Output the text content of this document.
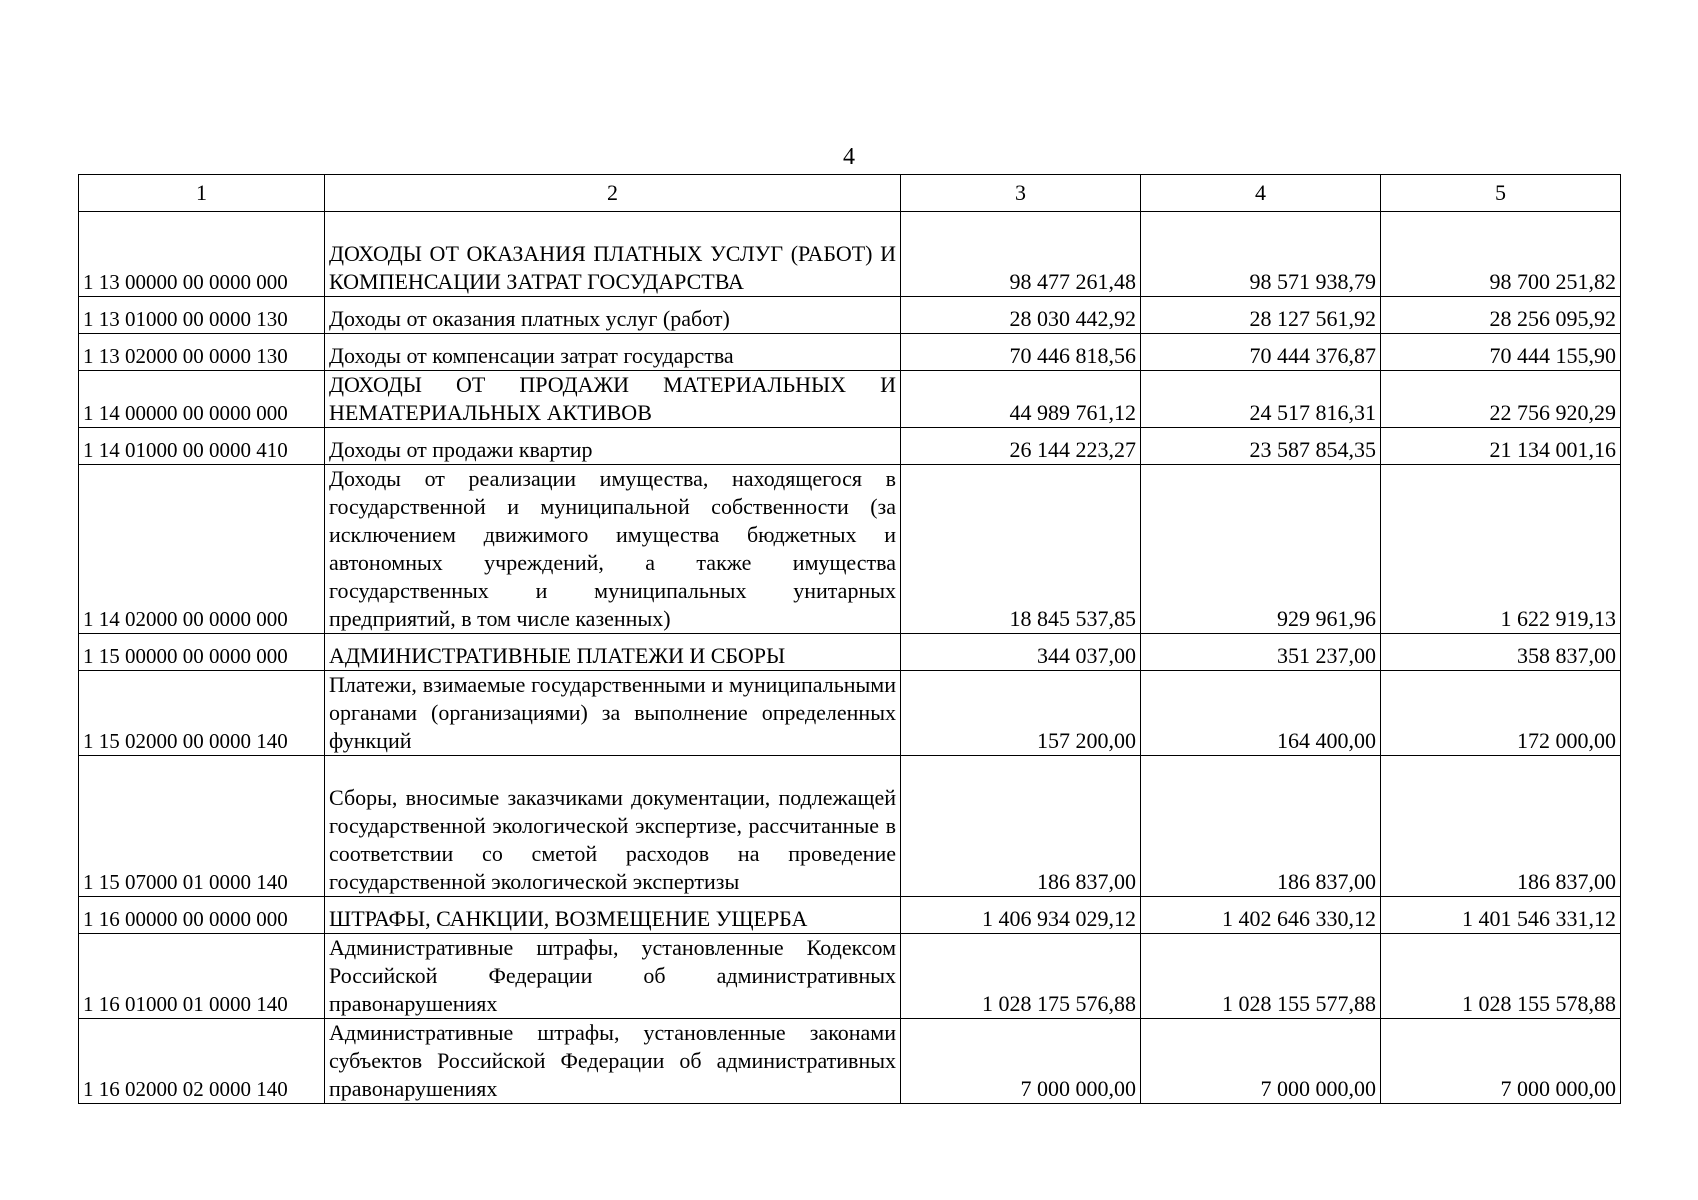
4
1	2	3	4	5
1 13 00000 00 0000 000	ДОХОДЫ ОТ ОКАЗАНИЯ ПЛАТНЫХ УСЛУГ (РАБОТ) И КОМПЕНСАЦИИ ЗАТРАТ ГОСУДАРСТВА	98 477 261,48	98 571 938,79	98 700 251,82
1 13 01000 00 0000 130	Доходы от оказания платных услуг (работ)	28 030 442,92	28 127 561,92	28 256 095,92
1 13 02000 00 0000 130	Доходы от компенсации затрат государства	70 446 818,56	70 444 376,87	70 444 155,90
1 14 00000 00 0000 000	ДОХОДЫ ОТ ПРОДАЖИ МАТЕРИАЛЬНЫХ И НЕМАТЕРИАЛЬНЫХ АКТИВОВ	44 989 761,12	24 517 816,31	22 756 920,29
1 14 01000 00 0000 410	Доходы от продажи квартир	26 144 223,27	23 587 854,35	21 134 001,16
1 14 02000 00 0000 000	Доходы от реализации имущества, находящегося в государственной и муниципальной собственности (за исключением движимого имущества бюджетных и автономных учреждений, а также имущества государственных и муниципальных унитарных предприятий, в том числе казенных)	18 845 537,85	929 961,96	1 622 919,13
1 15 00000 00 0000 000	АДМИНИСТРАТИВНЫЕ ПЛАТЕЖИ И СБОРЫ	344 037,00	351 237,00	358 837,00
1 15 02000 00 0000 140	Платежи, взимаемые государственными и муниципальными органами (организациями) за выполнение определенных функций	157 200,00	164 400,00	172 000,00
1 15 07000 01 0000 140	Сборы, вносимые заказчиками документации, подлежащей государственной экологической экспертизе, рассчитанные в соответствии со сметой расходов на проведение государственной экологической экспертизы	186 837,00	186 837,00	186 837,00
1 16 00000 00 0000 000	ШТРАФЫ, САНКЦИИ, ВОЗМЕЩЕНИЕ УЩЕРБА	1 406 934 029,12	1 402 646 330,12	1 401 546 331,12
1 16 01000 01 0000 140	Административные штрафы, установленные Кодексом Российской Федерации об административных правонарушениях	1 028 175 576,88	1 028 155 577,88	1 028 155 578,88
1 16 02000 02 0000 140	Административные штрафы, установленные законами субъектов Российской Федерации об административных правонарушениях	7 000 000,00	7 000 000,00	7 000 000,00
